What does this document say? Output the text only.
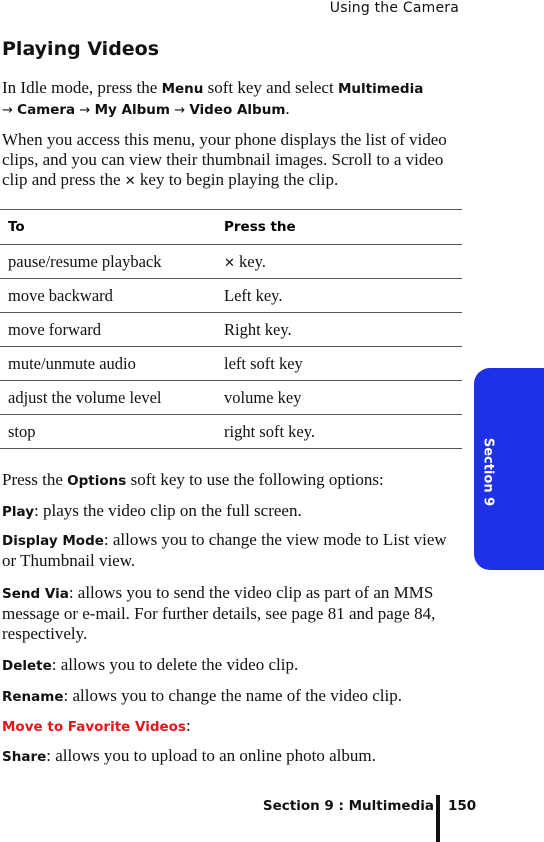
Using the Camera
Playing Videos
In Idle mode, press the Menu soft key and select Multimedia
→ Camera → My Album → Video Album.
When you access this menu, your phone displays the list of video clips, and you can view their thumbnail images. Scroll to a video clip and press the ✕ key to begin playing the clip.
To	Press the
pause/resume playback	✕ key.
move backward	Left key.
move forward	Right key.
mute/unmute audio	left soft key
adjust the volume level	volume key
stop	right soft key.
Press the Options soft key to use the following options:
Play: plays the video clip on the full screen.
Display Mode: allows you to change the view mode to List view or Thumbnail view.
Send Via: allows you to send the video clip as part of an MMS message or e-mail. For further details, see page 81 and page 84, respectively.
Delete: allows you to delete the video clip.
Rename: allows you to change the name of the video clip.
Move to Favorite Videos:
Share: allows you to upload to an online photo album.
Section 9
Section 9 : Multimedia 150
